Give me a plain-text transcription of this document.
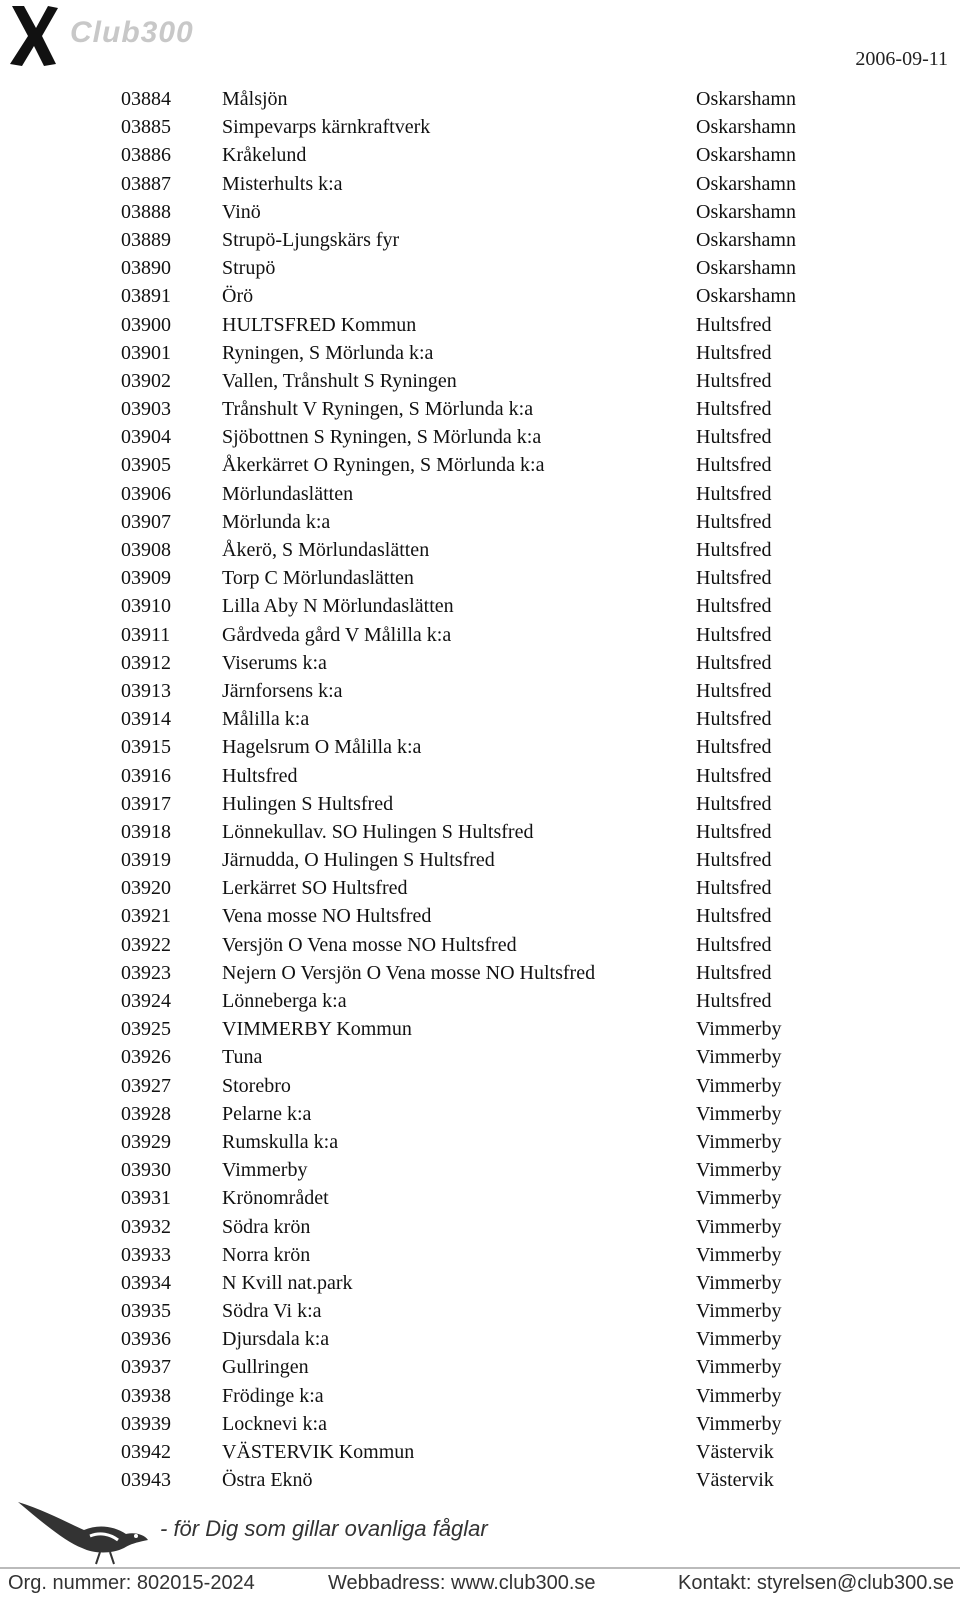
Club300
2006-09-11
03884	Målsjön	Oskarshamn
03885	Simpevarps kärnkraftverk	Oskarshamn
03886	Kråkelund	Oskarshamn
03887	Misterhults k:a	Oskarshamn
03888	Vinö	Oskarshamn
03889	Strupö-Ljungskärs fyr	Oskarshamn
03890	Strupö	Oskarshamn
03891	Örö	Oskarshamn
03900	HULTSFRED Kommun	Hultsfred
03901	Ryningen, S Mörlunda k:a	Hultsfred
03902	Vallen, Trånshult S Ryningen	Hultsfred
03903	Trånshult V Ryningen, S Mörlunda k:a	Hultsfred
03904	Sjöbottnen S Ryningen, S Mörlunda k:a	Hultsfred
03905	Åkerkärret O Ryningen, S Mörlunda k:a	Hultsfred
03906	Mörlundaslätten	Hultsfred
03907	Mörlunda k:a	Hultsfred
03908	Åkerö, S Mörlundaslätten	Hultsfred
03909	Torp C Mörlundaslätten	Hultsfred
03910	Lilla Aby N Mörlundaslätten	Hultsfred
03911	Gårdveda gård V Målilla k:a	Hultsfred
03912	Viserums k:a	Hultsfred
03913	Järnforsens k:a	Hultsfred
03914	Målilla k:a	Hultsfred
03915	Hagelsrum O Målilla k:a	Hultsfred
03916	Hultsfred	Hultsfred
03917	Hulingen S Hultsfred	Hultsfred
03918	Lönnekullav. SO Hulingen S Hultsfred	Hultsfred
03919	Järnudda, O Hulingen S Hultsfred	Hultsfred
03920	Lerkärret SO Hultsfred	Hultsfred
03921	Vena mosse NO Hultsfred	Hultsfred
03922	Versjön O Vena mosse NO Hultsfred	Hultsfred
03923	Nejern O Versjön O Vena mosse NO Hultsfred	Hultsfred
03924	Lönneberga k:a	Hultsfred
03925	VIMMERBY Kommun	Vimmerby
03926	Tuna	Vimmerby
03927	Storebro	Vimmerby
03928	Pelarne k:a	Vimmerby
03929	Rumskulla k:a	Vimmerby
03930	Vimmerby	Vimmerby
03931	Krönområdet	Vimmerby
03932	Södra krön	Vimmerby
03933	Norra krön	Vimmerby
03934	N Kvill nat.park	Vimmerby
03935	Södra Vi k:a	Vimmerby
03936	Djursdala k:a	Vimmerby
03937	Gullringen	Vimmerby
03938	Frödinge k:a	Vimmerby
03939	Locknevi k:a	Vimmerby
03942	VÄSTERVIK Kommun	Västervik
03943	Östra Eknö	Västervik
- för Dig som gillar ovanliga fåglar
Org. nummer: 802015-2024	Webbadress: www.club300.se	Kontakt: styrelsen@club300.se
